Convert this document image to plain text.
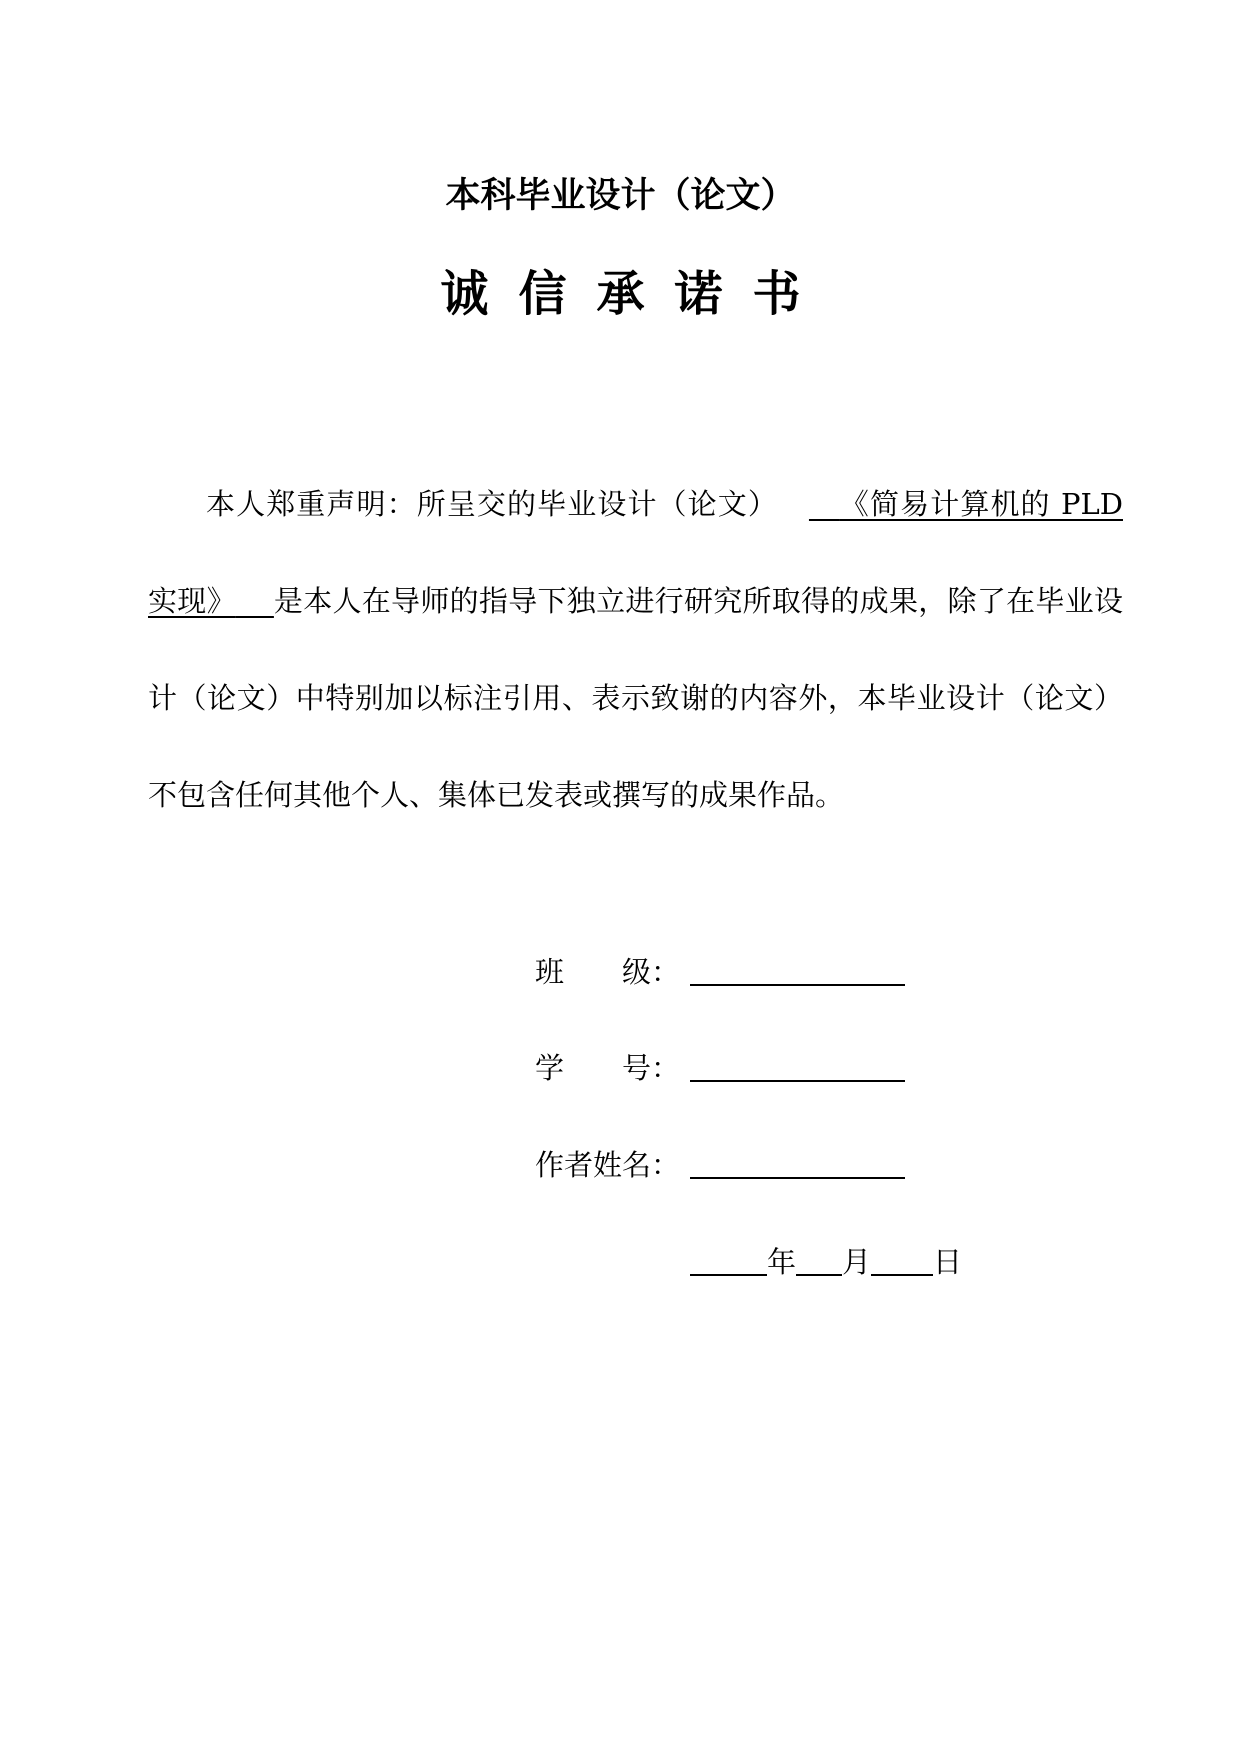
本科毕业设计（论文）
诚信承诺书

本人郑重声明：所呈交的毕业设计（论文） 《简易计算机的 PLD 实现》 是本人在导师的指导下独立进行研究所取得的成果，除了在毕业设计（论文）中特别加以标注引用、表示致谢的内容外，本毕业设计（论文）不包含任何其他个人、集体已发表或撰写的成果作品。

班　　级：
学　　号：
作者姓名：
年 月 日
